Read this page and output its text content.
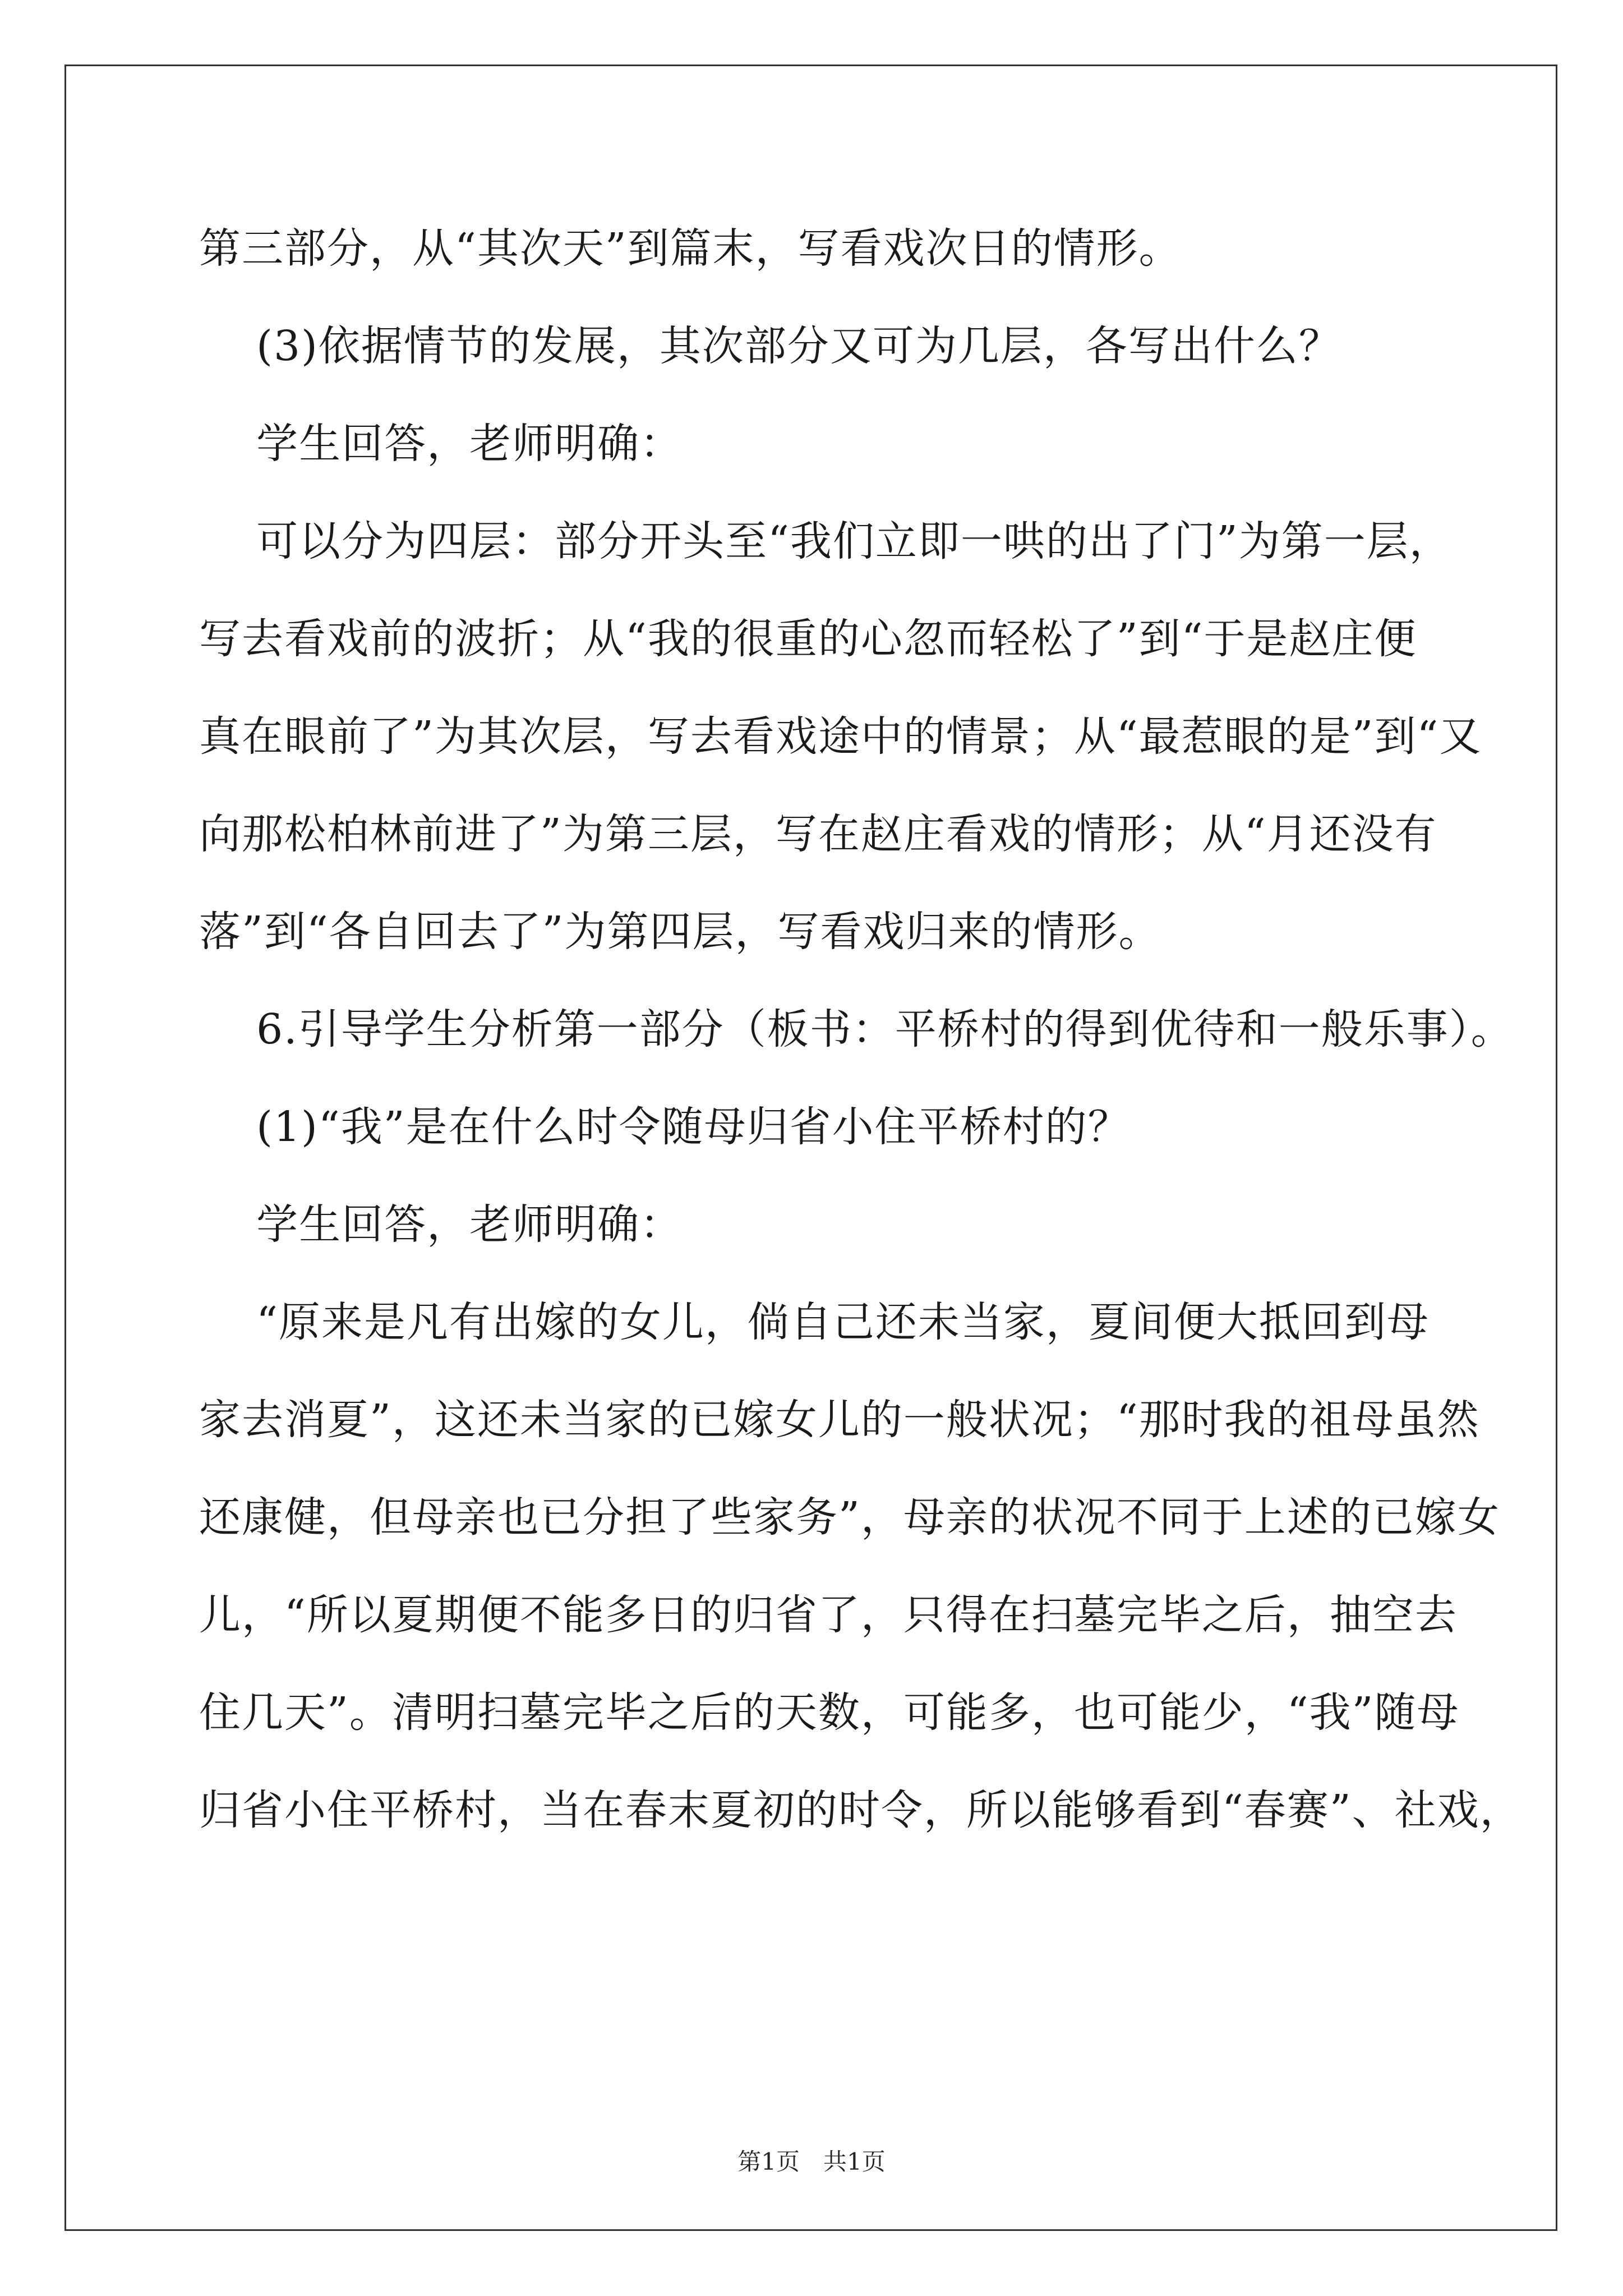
第三部分，从“其次天”到篇末，写看戏次日的情形。
(3)依据情节的发展，其次部分又可为几层，各写出什么？
学生回答，老师明确：
可以分为四层：部分开头至“我们立即一哄的出了门”为第一层，
写去看戏前的波折；从“我的很重的心忽而轻松了”到“于是赵庄便
真在眼前了”为其次层，写去看戏途中的情景；从“最惹眼的是”到“又
向那松柏林前进了”为第三层，写在赵庄看戏的情形；从“月还没有
落”到“各自回去了”为第四层，写看戏归来的情形。
6.引导学生分析第一部分（板书：平桥村的得到优待和一般乐事）。
(1)“我”是在什么时令随母归省小住平桥村的？
学生回答，老师明确：
“原来是凡有出嫁的女儿，倘自己还未当家，夏间便大抵回到母
家去消夏”，这还未当家的已嫁女儿的一般状况；“那时我的祖母虽然
还康健，但母亲也已分担了些家务”，母亲的状况不同于上述的已嫁女
儿，“所以夏期便不能多日的归省了，只得在扫墓完毕之后，抽空去
住几天”。清明扫墓完毕之后的天数，可能多，也可能少，“我”随母
归省小住平桥村，当在春末夏初的时令，所以能够看到“春赛”、社戏，
第1页　共1页
